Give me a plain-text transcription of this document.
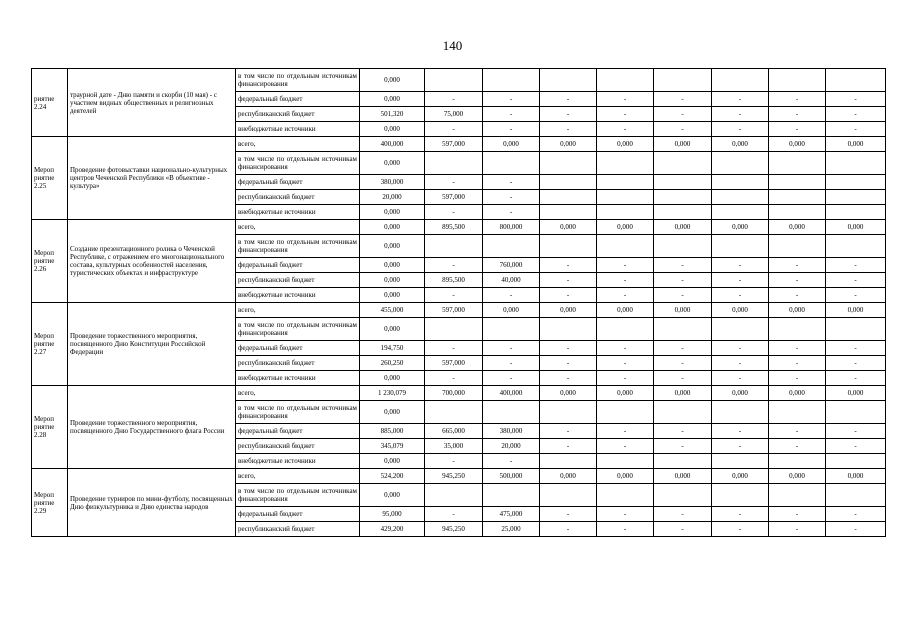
140
риятие
2.24	траурной дате - Дню памяти и скорби (10 мая) - с участием видных общественных и религиозных деятелей	в том числе по отдельным источникам финансирования	0,000								
		федеральный бюджет	0,000	-	-	-	-	-	-	-	-
		республиканский бюджет	501,320	75,000	-	-	-	-	-	-	-
		внебюджетные источники	0,000	-	-	-	-	-	-	-	-
Мероп
риятие
2.25	Проведение фотовыставки национально-культурных центров Чеченской Республики «В объективе - культура»	всего,	400,000	597,000	0,000	0,000	0,000	0,000	0,000	0,000	0,000
		в том числе по отдельным источникам финансирования	0,000								
		федеральный бюджет	380,000	-	-						
		республиканский бюджет	20,000	597,000	-						
		внебюджетные источники	0,000	-	-						
Мероп
риятие
2.26	Создание презентационного ролика о Чеченской Республике, с отражением его многонационального состава, культурных особенностей населения, туристических объектах и инфраструктуре	всего,	0,000	895,500	800,000	0,000	0,000	0,000	0,000	0,000	0,000
		в том числе по отдельным источникам финансирования	0,000								
		федеральный бюджет	0,000	-	760,000	-	-	-	-	-	-
		республиканский бюджет	0,000	895,500	40,000	-	-	-	-	-	-
		внебюджетные источники	0,000	-	-	-	-	-	-	-	-
Мероп
риятие
2.27	Проведение торжественного мероприятия, посвященного Дню Конституции Российской Федерации	всего,	455,000	597,000	0,000	0,000	0,000	0,000	0,000	0,000	0,000
		в том числе по отдельным источникам финансирования	0,000								
		федеральный бюджет	194,750	-	-	-	-	-	-	-	-
		республиканский бюджет	260,250	597,000	-	-	-	-	-	-	-
		внебюджетные источники	0,000	-	-	-	-	-	-	-	-
Мероп
риятие
2.28	Проведение торжественного мероприятия, посвященного Дню Государственного флага России	всего,	1 230,079	700,000	400,000	0,000	0,000	0,000	0,000	0,000	0,000
		в том числе по отдельным источникам финансирования	0,000								
		федеральный бюджет	885,000	665,000	380,000	-	-	-	-	-	-
		республиканский бюджет	345,079	35,000	20,000	-	-	-	-	-	-
		внебюджетные источники	0,000	-	-						
Мероп
риятие
2.29	Проведение турниров по мини-футболу, посвященных Дню физкультурника и Дню единства народов	всего,	524,200	945,250	500,000	0,000	0,000	0,000	0,000	0,000	0,000
		в том числе по отдельным источникам финансирования	0,000								
		федеральный бюджет	95,000	-	475,000	-	-	-	-	-	-
		республиканский бюджет	429,200	945,250	25,000	-	-	-	-	-	-
